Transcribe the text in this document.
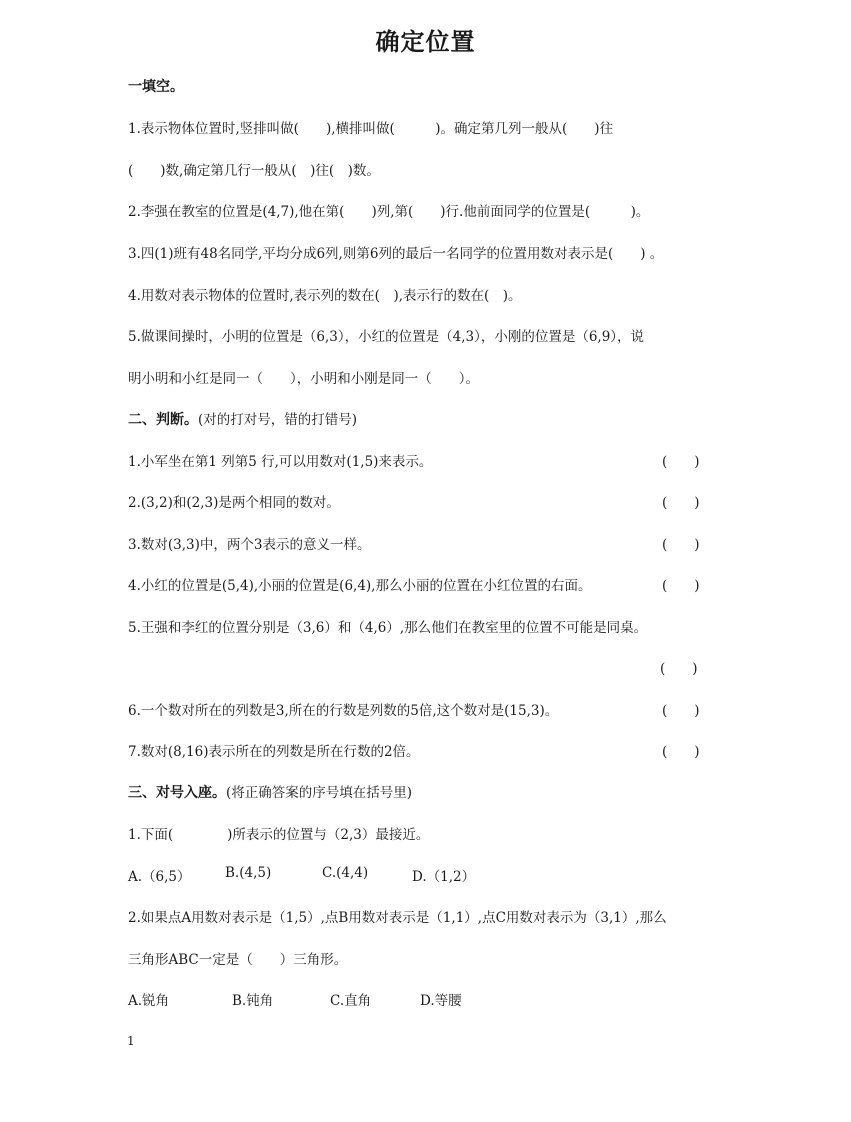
确定位置
一填空。
1.表示物体位置时,竖排叫做(　　),横排叫做(　　　)。确定第几列一般从(　　)往
(　　)数,确定第几行一般从(　)往(　)数。
2.李强在教室的位置是(4,7),他在第(　　)列,第(　　)行.他前面同学的位置是(　　　)。
3.四(1)班有48名同学,平均分成6列,则第6列的最后一名同学的位置用数对表示是(　　) 。
4.用数对表示物体的位置时,表示列的数在(　),表示行的数在(　)。
5.做课间操时，小明的位置是（6,3），小红的位置是（4,3），小刚的位置是（6,9），说
明小明和小红是同一（　　），小明和小刚是同一（　　）。
二、判断。(对的打对号，错的打错号)
1.小军坐在第1 列第5 行,可以用数对(1,5)来表示。	(　　)
2.(3,2)和(2,3)是两个相同的数对。	(　　)
3.数对(3,3)中，两个3表示的意义一样。	(　　)
4.小红的位置是(5,4),小丽的位置是(6,4),那么小丽的位置在小红位置的右面。	(　　)
5.王强和李红的位置分别是（3,6）和（4,6）,那么他们在教室里的位置不可能是同桌。
(　　)
6.一个数对所在的列数是3,所在的行数是列数的5倍,这个数对是(15,3)。	(　　)
7.数对(8,16)表示所在的列数是所在行数的2倍。	(　　)
三、对号入座。(将正确答案的序号填在括号里)
1.下面(　　　　)所表示的位置与（2,3）最接近。
A.（6,5）	B.(4,5)	C.(4,4)	D.（1,2）
2.如果点A用数对表示是（1,5）,点B用数对表示是（1,1）,点C用数对表示为（3,1）,那么
三角形ABC一定是（　　）三角形。
A.锐角	B.钝角	C.直角	D.等腰
1
